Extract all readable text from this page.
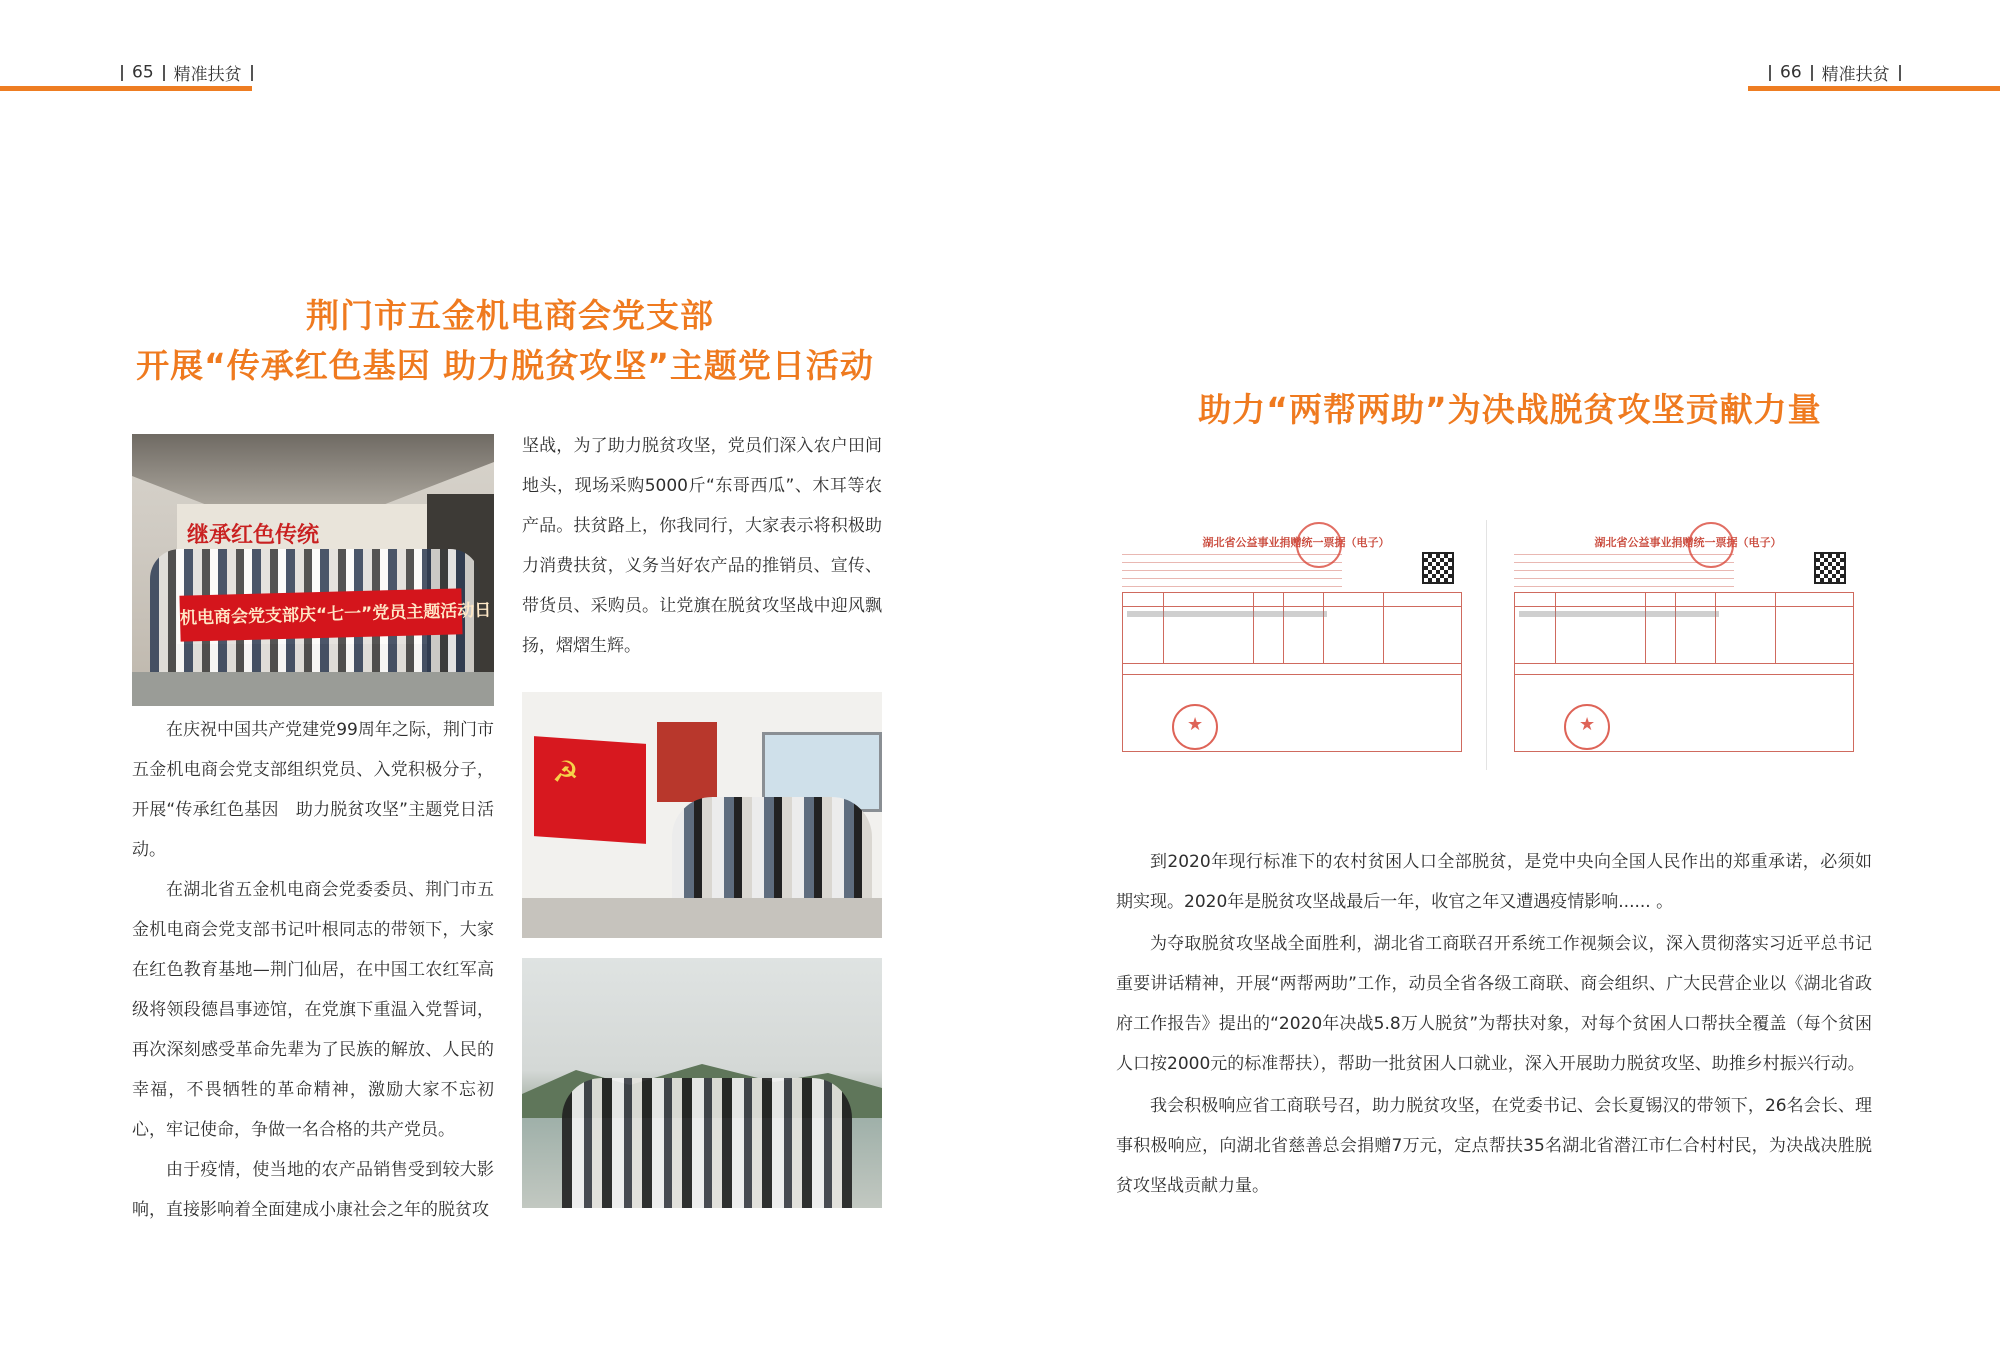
65 精准扶贫	66 精准扶贫
荆门市五金机电商会党支部
开展“传承红色基因 助力脱贫攻坚”主题党日活动
继承红色传统
机电商会党支部庆“七一”党员主题活动日

在庆祝中国共产党建党99周年之际，荆门市五金机电商会党支部组织党员、入党积极分子，开展“传承红色基因　助力脱贫攻坚”主题党日活动。

在湖北省五金机电商会党委委员、荆门市五金机电商会党支部书记叶根同志的带领下，大家在红色教育基地—荆门仙居，在中国工农红军高级将领段德昌事迹馆，在党旗下重温入党誓词，再次深刻感受革命先辈为了民族的解放、人民的幸福，不畏牺牲的革命精神，激励大家不忘初心，牢记使命，争做一名合格的共产党员。

由于疫情，使当地的农产品销售受到较大影响，直接影响着全面建成小康社会之年的脱贫攻

坚战，为了助力脱贫攻坚，党员们深入农户田间地头，现场采购5000斤“东哥西瓜”、木耳等农产品。扶贫路上，你我同行，大家表示将积极助力消费扶贫，义务当好农产品的推销员、宣传、带货员、采购员。让党旗在脱贫攻坚战中迎风飘扬，熠熠生辉。

☭
助力“两帮两助”为决战脱贫攻坚贡献力量
湖北省公益事业捐赠统一票据（电子）
★	湖北省公益事业捐赠统一票据（电子）
★

到2020年现行标准下的农村贫困人口全部脱贫，是党中央向全国人民作出的郑重承诺，必须如期实现。2020年是脱贫攻坚战最后一年，收官之年又遭遇疫情影响...... 。

为夺取脱贫攻坚战全面胜利，湖北省工商联召开系统工作视频会议，深入贯彻落实习近平总书记重要讲话精神，开展“两帮两助”工作，动员全省各级工商联、商会组织、广大民营企业以《湖北省政府工作报告》提出的“2020年决战5.8万人脱贫”为帮扶对象，对每个贫困人口帮扶全覆盖（每个贫困人口按2000元的标准帮扶），帮助一批贫困人口就业，深入开展助力脱贫攻坚、助推乡村振兴行动。

我会积极响应省工商联号召，助力脱贫攻坚，在党委书记、会长夏锡汉的带领下，26名会长、理事积极响应，向湖北省慈善总会捐赠7万元，定点帮扶35名湖北省潜江市仁合村村民，为决战决胜脱贫攻坚战贡献力量。
